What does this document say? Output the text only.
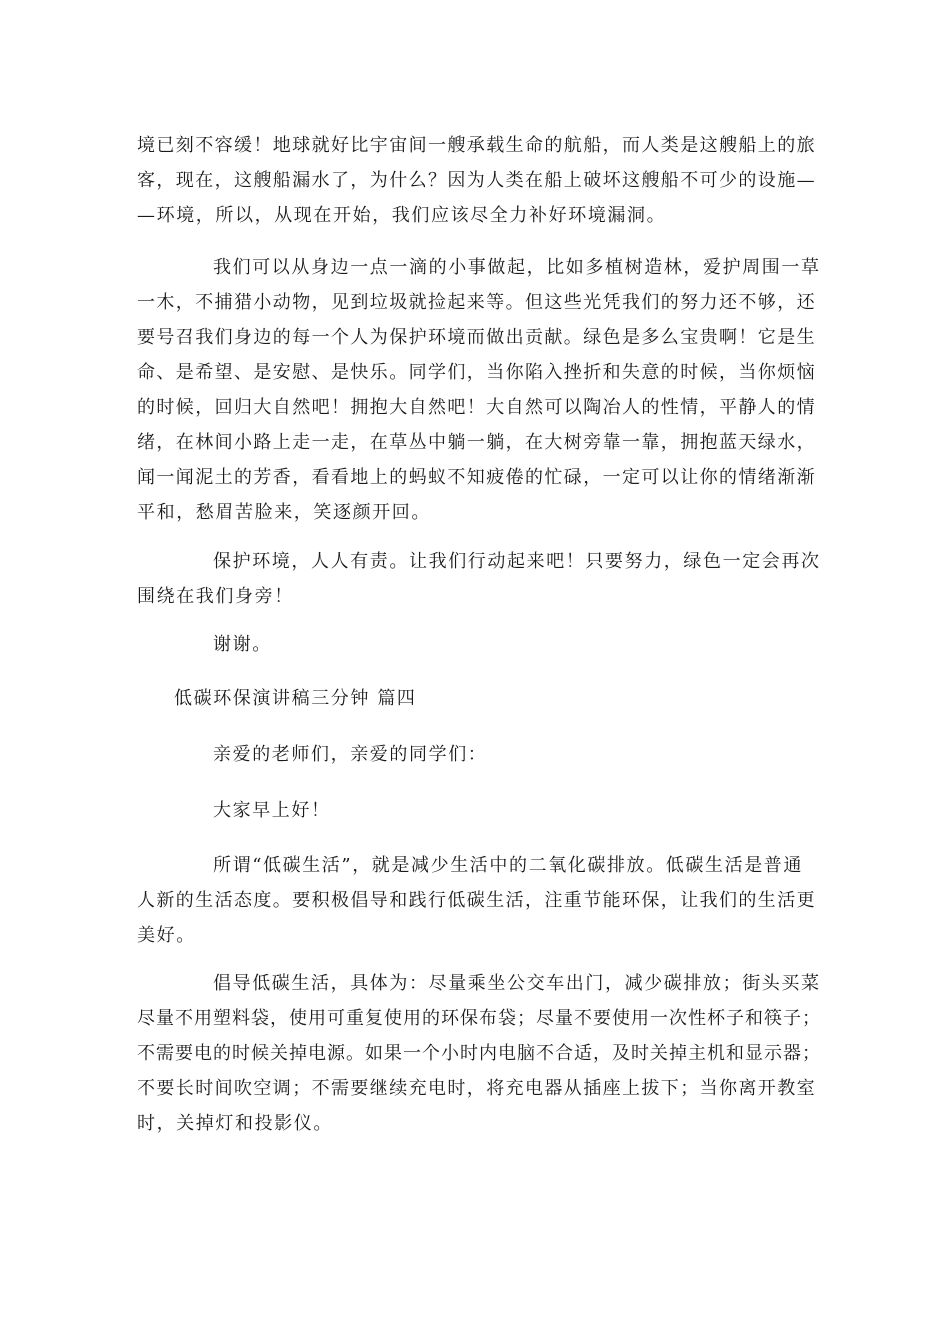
境已刻不容缓！地球就好比宇宙间一艘承载生命的航船，而人类是这艘船上的旅
客，现在，这艘船漏水了，为什么？因为人类在船上破坏这艘船不可少的设施—
—环境，所以，从现在开始，我们应该尽全力补好环境漏洞。
我们可以从身边一点一滴的小事做起，比如多植树造林，爱护周围一草
一木，不捕猎小动物，见到垃圾就捡起来等。但这些光凭我们的努力还不够，还
要号召我们身边的每一个人为保护环境而做出贡献。绿色是多么宝贵啊！它是生
命、是希望、是安慰、是快乐。同学们，当你陷入挫折和失意的时候，当你烦恼
的时候，回归大自然吧！拥抱大自然吧！大自然可以陶冶人的性情，平静人的情
绪，在林间小路上走一走，在草丛中躺一躺，在大树旁靠一靠，拥抱蓝天绿水，
闻一闻泥土的芳香，看看地上的蚂蚁不知疲倦的忙碌，一定可以让你的情绪渐渐
平和，愁眉苦脸来，笑逐颜开回。
保护环境，人人有责。让我们行动起来吧！只要努力，绿色一定会再次
围绕在我们身旁！
谢谢。
低碳环保演讲稿三分钟 篇四
亲爱的老师们，亲爱的同学们：
大家早上好！
所谓“低碳生活”，就是减少生活中的二氧化碳排放。低碳生活是普通
人新的生活态度。要积极倡导和践行低碳生活，注重节能环保，让我们的生活更
美好。
倡导低碳生活，具体为：尽量乘坐公交车出门，减少碳排放；街头买菜
尽量不用塑料袋，使用可重复使用的环保布袋；尽量不要使用一次性杯子和筷子；
不需要电的时候关掉电源。如果一个小时内电脑不合适，及时关掉主机和显示器；
不要长时间吹空调；不需要继续充电时，将充电器从插座上拔下；当你离开教室
时，关掉灯和投影仪。
